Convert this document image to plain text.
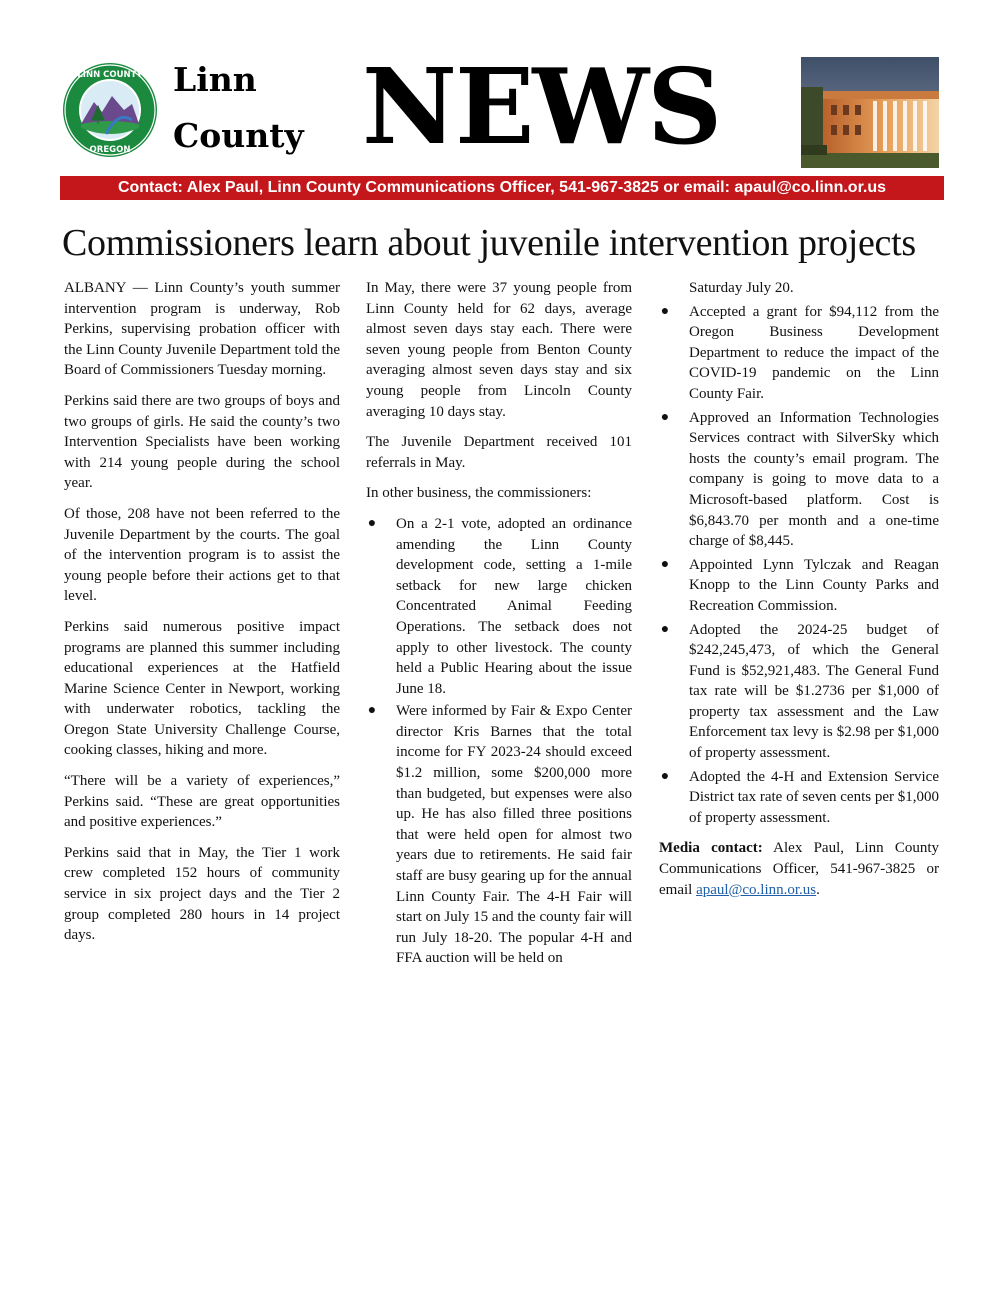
LINN COUNTY
OREGON
Linn
County NEWS
Contact: Alex Paul, Linn County Communications Officer, 541-967-3825 or email: apaul@co.linn.or.us
Commissioners learn about juvenile intervention projects

ALBANY — Linn County’s youth summer intervention program is underway, Rob Perkins, supervising probation officer with the Linn County Juvenile Department told the Board of Commissioners Tuesday morning.

Perkins said there are two groups of boys and two groups of girls. He said the county’s two Intervention Specialists have been working with 214 young people during the school year.

Of those, 208 have not been referred to the Juvenile Department by the courts. The goal of the intervention program is to assist the young people before their actions get to that level.

Perkins said numerous positive impact programs are planned this summer including educational experiences at the Hatfield Marine Science Center in Newport, working with underwater robotics, tackling the Oregon State University Challenge Course, cooking classes, hiking and more.

“There will be a variety of experiences,” Perkins said. “These are great opportunities and positive experiences.”

Perkins said that in May, the Tier 1 work crew completed 152 hours of community service in six project days and the Tier 2 group completed 280 hours in 14 project days.

In May, there were 37 young people from Linn County held for 62 days, average almost seven days stay each. There were seven young people from Benton County averaging almost seven days stay and six young people from Lincoln County averaging 10 days stay.

The Juvenile Department received 101 referrals in May.

In other business, the commissioners:

● On a 2-1 vote, adopted an ordinance amending the Linn County development code, setting a 1-mile setback for new large chicken Concentrated Animal Feeding Operations. The setback does not apply to other livestock. The county held a Public Hearing about the issue June 18.
● Were informed by Fair & Expo Center director Kris Barnes that the total income for FY 2023-24 should exceed $1.2 million, some $200,000 more than budgeted, but expenses were also up. He has also filled three positions that were held open for almost two years due to retirements. He said fair staff are busy gearing up for the annual Linn County Fair. The 4-H Fair will start on July 15 and the county fair will run July 18-20. The popular 4-H and FFA auction will be held on
Saturday July 20.
● Accepted a grant for $94,112 from the Oregon Business Development Department to reduce the impact of the COVID-19 pandemic on the Linn County Fair.
● Approved an Information Technologies Services contract with SilverSky which hosts the county’s email program. The company is going to move data to a Microsoft-based platform. Cost is $6,843.70 per month and a one-time charge of $8,445.
● Appointed Lynn Tylczak and Reagan Knopp to the Linn County Parks and Recreation Commission.
● Adopted the 2024-25 budget of $242,245,473, of which the General Fund is $52,921,483. The General Fund tax rate will be $1.2736 per $1,000 of property tax assessment and the Law Enforcement tax levy is $2.98 per $1,000 of property assessment.
● Adopted the 4-H and Extension Service District tax rate of seven cents per $1,000 of property assessment.

Media contact: Alex Paul, Linn County Communications Officer, 541-967-3825 or email apaul@co.linn.or.us.
